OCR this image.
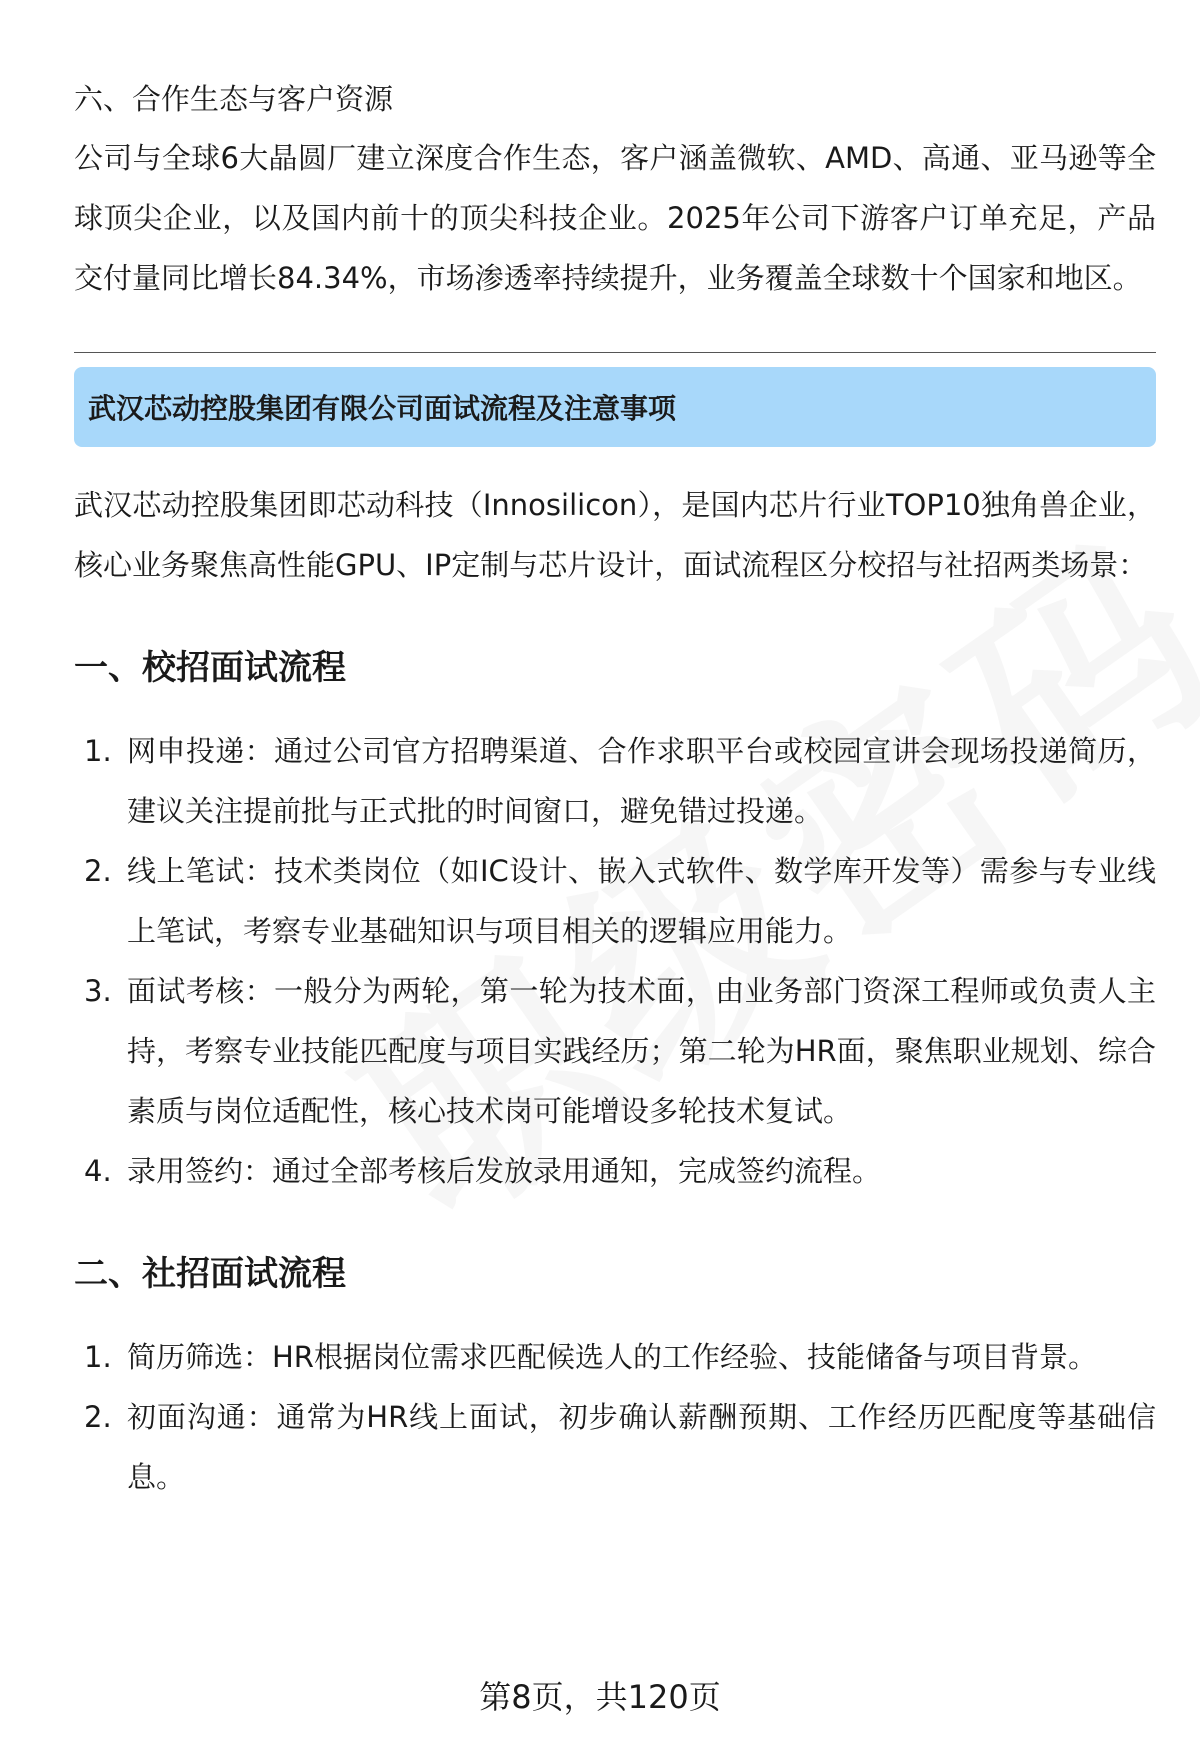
六、合作生态与客户资源

公司与全球6大晶圆厂建立深度合作生态，客户涵盖微软、AMD、高通、亚马逊等全球顶尖企业，以及国内前十的顶尖科技企业。2025年公司下游客户订单充足，产品交付量同比增长84.34%，市场渗透率持续提升，业务覆盖全球数十个国家和地区。

武汉芯动控股集团有限公司面试流程及注意事项

武汉芯动控股集团即芯动科技（Innosilicon），是国内芯片行业TOP10独角兽企业，核心业务聚焦高性能GPU、IP定制与芯片设计，面试流程区分校招与社招两类场景：

一、校招面试流程
1. 网申投递：通过公司官方招聘渠道、合作求职平台或校园宣讲会现场投递简历，建议关注提前批与正式批的时间窗口，避免错过投递。
2. 线上笔试：技术类岗位（如IC设计、嵌入式软件、数学库开发等）需参与专业线上笔试，考察专业基础知识与项目相关的逻辑应用能力。
3. 面试考核：一般分为两轮，第一轮为技术面，由业务部门资深工程师或负责人主持，考察专业技能匹配度与项目实践经历；第二轮为HR面，聚焦职业规划、综合素质与岗位适配性，核心技术岗可能增设多轮技术复试。
4. 录用签约：通过全部考核后发放录用通知，完成签约流程。
二、社招面试流程
1. 简历筛选：HR根据岗位需求匹配候选人的工作经验、技能储备与项目背景。
2. 初面沟通：通常为HR线上面试，初步确认薪酬预期、工作经历匹配度等基础信息。
第8页，共120页
